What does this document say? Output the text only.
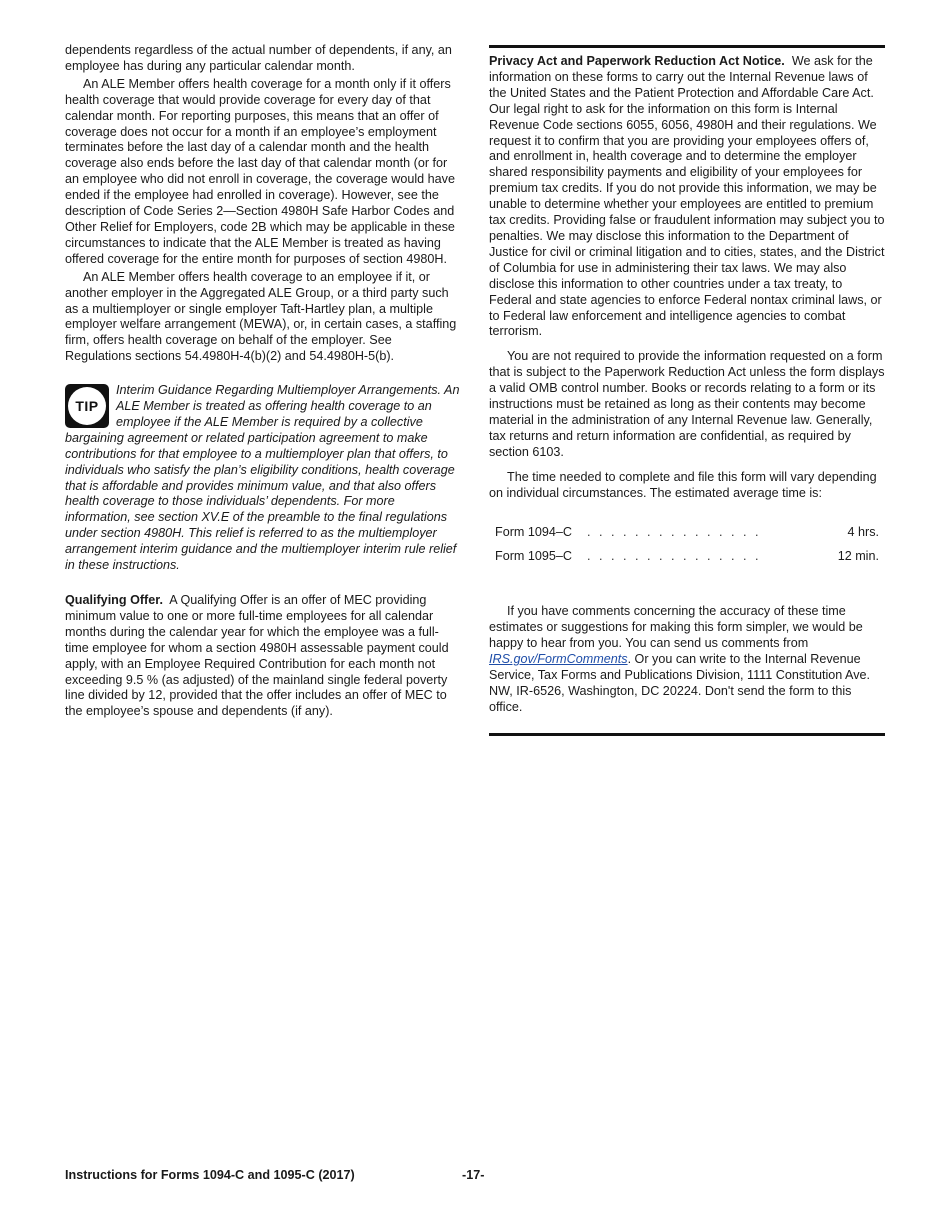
dependents regardless of the actual number of dependents, if any, an employee has during any particular calendar month.

An ALE Member offers health coverage for a month only if it offers health coverage that would provide coverage for every day of that calendar month. For reporting purposes, this means that an offer of coverage does not occur for a month if an employee’s employment terminates before the last day of a calendar month and the health coverage also ends before the last day of that calendar month (or for an employee who did not enroll in coverage, the coverage would have ended if the employee had enrolled in coverage). However, see the description of Code Series 2—Section 4980H Safe Harbor Codes and Other Relief for Employers, code 2B which may be applicable in these circumstances to indicate that the ALE Member is treated as having offered coverage for the entire month for purposes of section 4980H.

An ALE Member offers health coverage to an employee if it, or another employer in the Aggregated ALE Group, or a third party such as a multiemployer or single employer Taft-Hartley plan, a multiple employer welfare arrangement (MEWA), or, in certain cases, a staffing firm, offers health coverage on behalf of the employer. See Regulations sections 54.4980H-4(b)(2) and 54.4980H-5(b).

TIP

Interim Guidance Regarding Multiemployer Arrangements. An ALE Member is treated as offering health coverage to an employee if the ALE Member is required by a collective bargaining agreement or related participation agreement to make contributions for that employee to a multiemployer plan that offers, to individuals who satisfy the plan’s eligibility conditions, health coverage that is affordable and provides minimum value, and that also offers health coverage to those individuals’ dependents. For more information, see section XV.E of the preamble to the final regulations under section 4980H. This relief is referred to as the multiemployer arrangement interim guidance and the multiemployer interim rule relief in these instructions.

Qualifying Offer. A Qualifying Offer is an offer of MEC providing minimum value to one or more full-time employees for all calendar months during the calendar year for which the employee was a full-time employee for whom a section 4980H assessable payment could apply, with an Employee Required Contribution for each month not exceeding 9.5 % (as adjusted) of the mainland single federal poverty line divided by 12, provided that the offer includes an offer of MEC to the employee’s spouse and dependents (if any).

Privacy Act and Paperwork Reduction Act Notice. We ask for the information on these forms to carry out the Internal Revenue laws of the United States and the Patient Protection and Affordable Care Act. Our legal right to ask for the information on this form is Internal Revenue Code sections 6055, 6056, 4980H and their regulations. We request it to confirm that you are providing your employees offers of, and enrollment in, health coverage and to determine the employer shared responsibility payments and eligibility of your employees for premium tax credits. If you do not provide this information, we may be unable to determine whether your employees are entitled to premium tax credits. Providing false or fraudulent information may subject you to penalties. We may disclose this information to the Department of Justice for civil or criminal litigation and to cities, states, and the District of Columbia for use in administering their tax laws. We may also disclose this information to other countries under a tax treaty, to Federal and state agencies to enforce Federal nontax criminal laws, or to Federal law enforcement and intelligence agencies to combat terrorism.

You are not required to provide the information requested on a form that is subject to the Paperwork Reduction Act unless the form displays a valid OMB control number. Books or records relating to a form or its instructions must be retained as long as their contents may become material in the administration of any Internal Revenue law. Generally, tax returns and return information are confidential, as required by section 6103.

The time needed to complete and file this form will vary depending on individual circumstances. The estimated average time is:

Form 1094–C	. . . . . . . . . . . . . . .	4 hrs.
Form 1095–C	. . . . . . . . . . . . . . .	12 min.

If you have comments concerning the accuracy of these time estimates or suggestions for making this form simpler, we would be happy to hear from you. You can send us comments from IRS.gov/FormComments. Or you can write to the Internal Revenue Service, Tax Forms and Publications Division, 1111 Constitution Ave. NW, IR-6526, Washington, DC 20224. Don't send the form to this office.

Instructions for Forms 1094-C and 1095-C (2017)	-17-
